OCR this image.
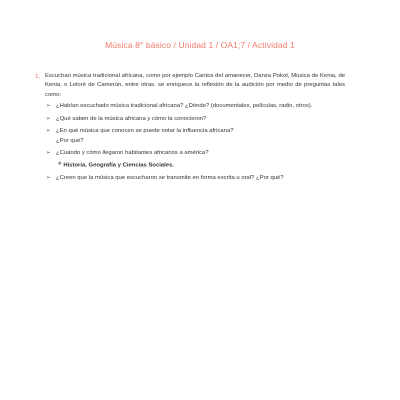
Música 8° básico / Unidad 1 / OA1;7 / Actividad 1
1. Escuchan música tradicional africana, como por ejemplo Cantos del amanecer, Danza Pokot, Música de Kenia, de Kenia, o Leloré de Camerún, entre otras. se enriquece la reflexión de la audición por medio de preguntas tales como:
➢ ¿Habían escuchado música tradicional africana? ¿Dónde? (documentales, películas, radio, otros).
➢ ¿Qué saben de la música africana y cómo la conocieron?
➢ ¿En qué música que conocen se puede notar la influencia africana?
¿Por qué?
➢ ¿Cuándo y cómo llegaron habitantes africanos a américa?
® Historia, Geografía y Ciencias Sociales.
➢ ¿Creen que la música que escucharon se transmite en forma escrita u oral? ¿Por qué?
